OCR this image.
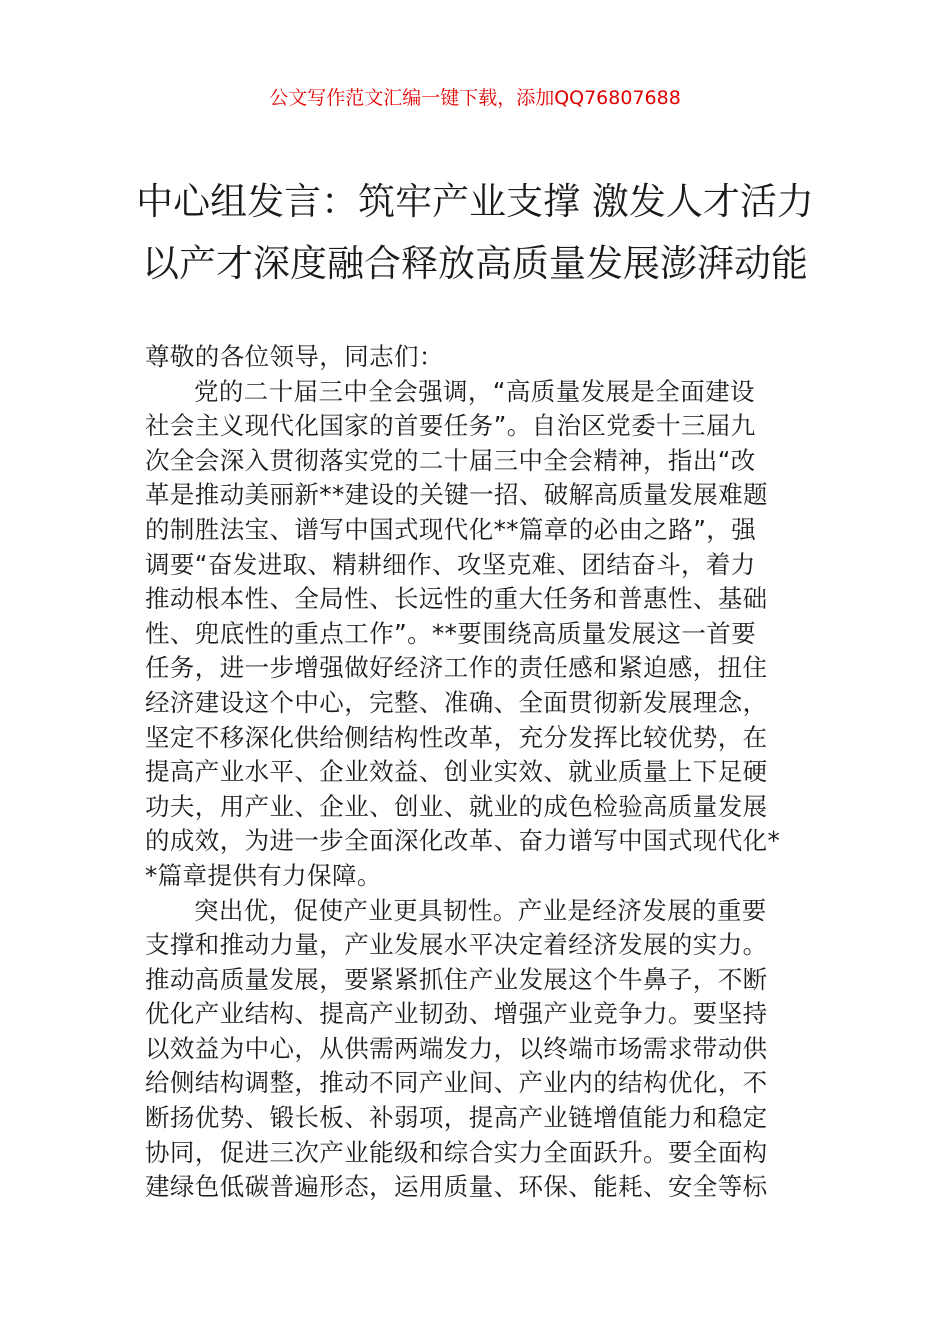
公文写作范文汇编一键下载，添加QQ76807688
中心组发言：筑牢产业支撑 激发人才活力
以产才深度融合释放高质量发展澎湃动能
尊敬的各位领导，同志们：
党的二十届三中全会强调，“高质量发展是全面建设
社会主义现代化国家的首要任务”。自治区党委十三届九
次全会深入贯彻落实党的二十届三中全会精神，指出“改
革是推动美丽新**建设的关键一招、破解高质量发展难题
的制胜法宝、谱写中国式现代化**篇章的必由之路”，强
调要“奋发进取、精耕细作、攻坚克难、团结奋斗，着力
推动根本性、全局性、长远性的重大任务和普惠性、基础
性、兜底性的重点工作”。**要围绕高质量发展这一首要
任务，进一步增强做好经济工作的责任感和紧迫感，扭住
经济建设这个中心，完整、准确、全面贯彻新发展理念，
坚定不移深化供给侧结构性改革，充分发挥比较优势，在
提高产业水平、企业效益、创业实效、就业质量上下足硬
功夫，用产业、企业、创业、就业的成色检验高质量发展
的成效，为进一步全面深化改革、奋力谱写中国式现代化*
*篇章提供有力保障。
突出优，促使产业更具韧性。产业是经济发展的重要
支撑和推动力量，产业发展水平决定着经济发展的实力。
推动高质量发展，要紧紧抓住产业发展这个牛鼻子，不断
优化产业结构、提高产业韧劲、增强产业竞争力。要坚持
以效益为中心，从供需两端发力，以终端市场需求带动供
给侧结构调整，推动不同产业间、产业内的结构优化，不
断扬优势、锻长板、补弱项，提高产业链增值能力和稳定
协同，促进三次产业能级和综合实力全面跃升。要全面构
建绿色低碳普遍形态，运用质量、环保、能耗、安全等标
